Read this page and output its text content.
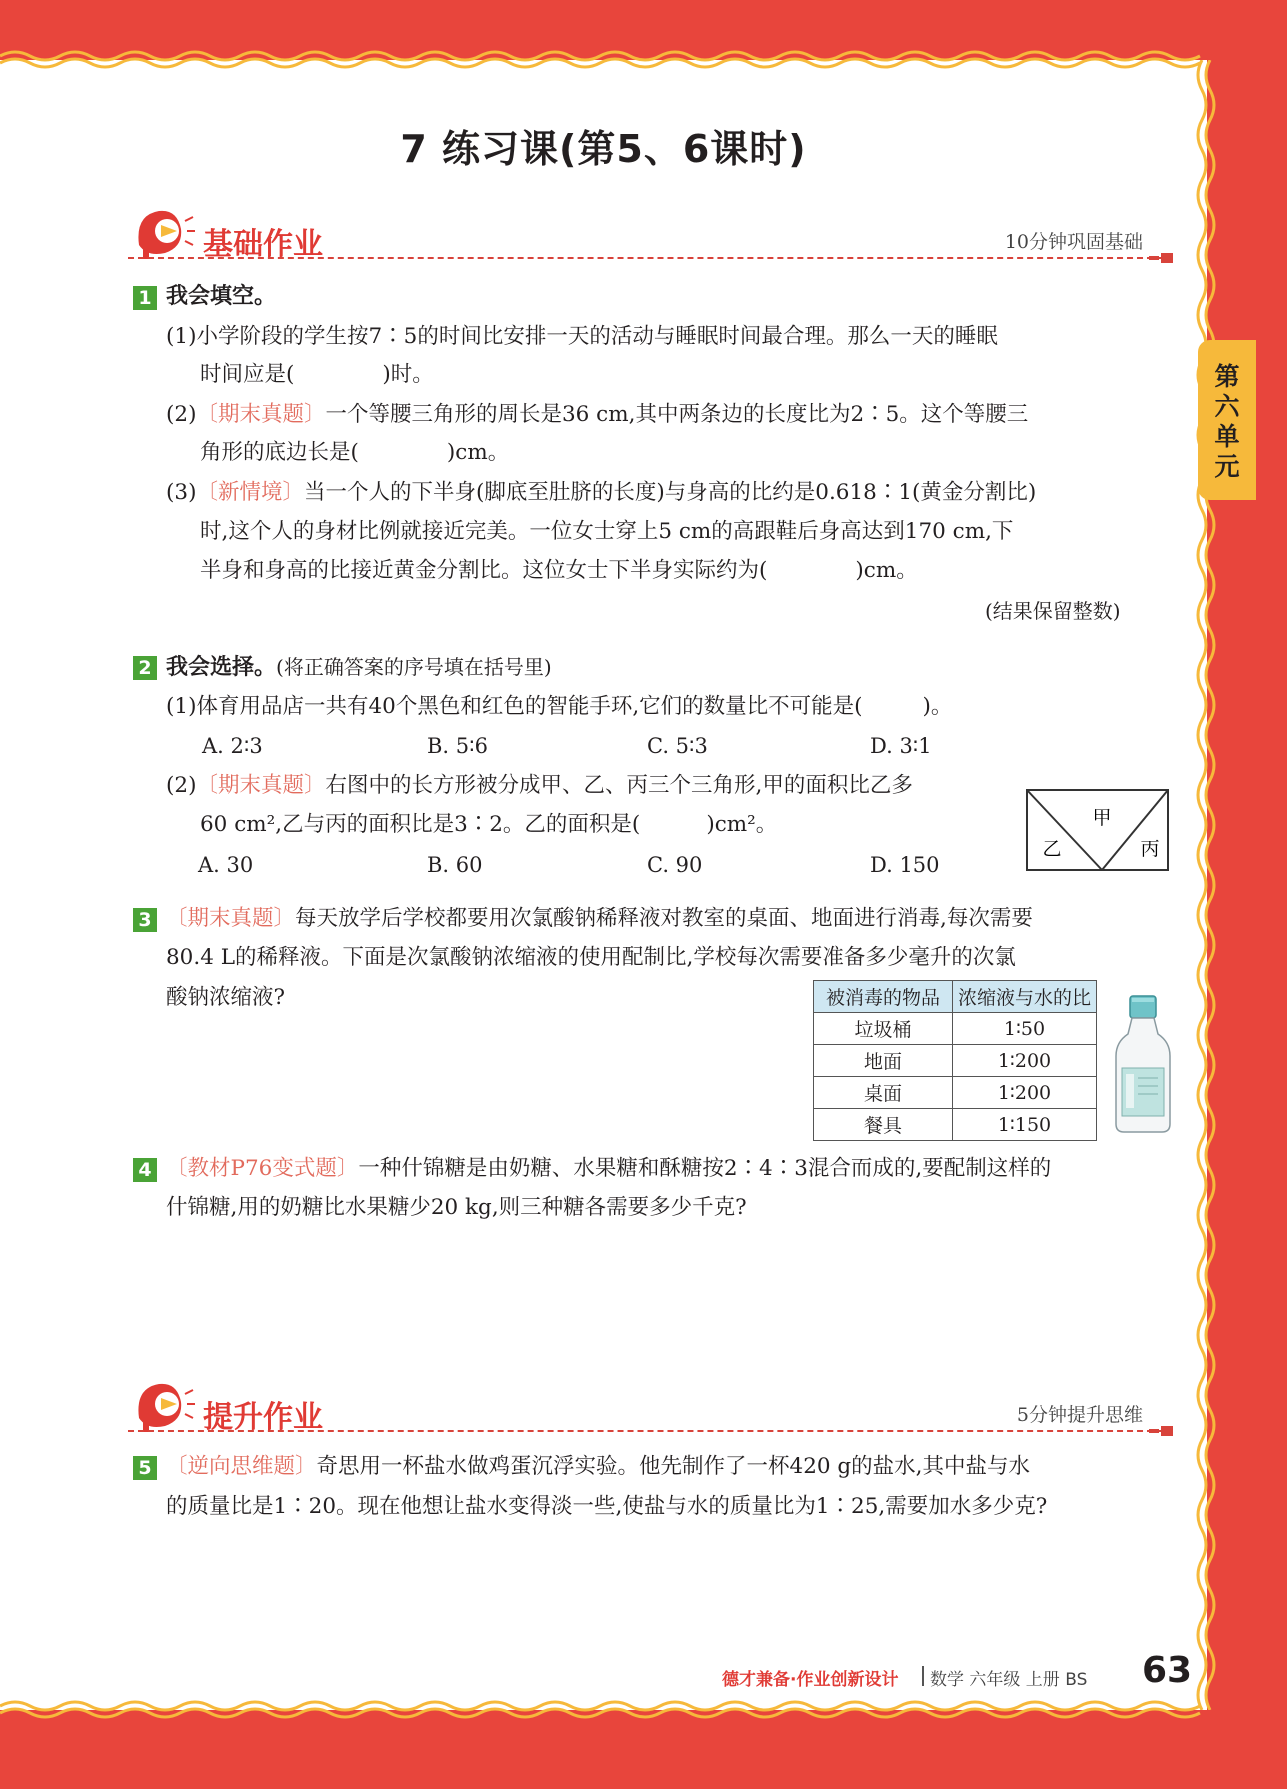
7 练习课(第5、6课时)
第六单元
基础作业	10分钟巩固基础
1 我会填空。
(1)小学阶段的学生按7∶5的时间比安排一天的活动与睡眠时间最合理。那么一天的睡眠
时间应是(	)时。
(2)〔期末真题〕一个等腰三角形的周长是36 cm,其中两条边的长度比为2∶5。这个等腰三
角形的底边长是(	)cm。
(3)〔新情境〕当一个人的下半身(脚底至肚脐的长度)与身高的比约是0.618∶1(黄金分割比)
时,这个人的身材比例就接近完美。一位女士穿上5 cm的高跟鞋后身高达到170 cm,下
半身和身高的比接近黄金分割比。这位女士下半身实际约为(	)cm。
(结果保留整数)
2 我会选择。(将正确答案的序号填在括号里)
(1)体育用品店一共有40个黑色和红色的智能手环,它们的数量比不可能是(	)。
A. 2∶3	B. 5∶6	C. 5∶3	D. 3∶1
(2)〔期末真题〕右图中的长方形被分成甲、乙、丙三个三角形,甲的面积比乙多
60 cm²,乙与丙的面积比是3∶2。乙的面积是(	)cm²。
A. 30	B. 60	C. 90	D. 150
甲
乙	丙
3 〔期末真题〕每天放学后学校都要用次氯酸钠稀释液对教室的桌面、地面进行消毒,每次需要
80.4 L的稀释液。下面是次氯酸钠浓缩液的使用配制比,学校每次需要准备多少毫升的次氯
酸钠浓缩液?	被消毒的物品	浓缩液与水的比
垃圾桶	1∶50
地面	1∶200
桌面	1∶200
餐具	1∶150
4 〔教材P76变式题〕一种什锦糖是由奶糖、水果糖和酥糖按2∶4∶3混合而成的,要配制这样的
什锦糖,用的奶糖比水果糖少20 kg,则三种糖各需要多少千克?
提升作业	5分钟提升思维
5 〔逆向思维题〕奇思用一杯盐水做鸡蛋沉浮实验。他先制作了一杯420 g的盐水,其中盐与水
的质量比是1∶20。现在他想让盐水变得淡一些,使盐与水的质量比为1∶25,需要加水多少克?
德才兼备·作业创新设计 数学 六年级 上册 BS 63
